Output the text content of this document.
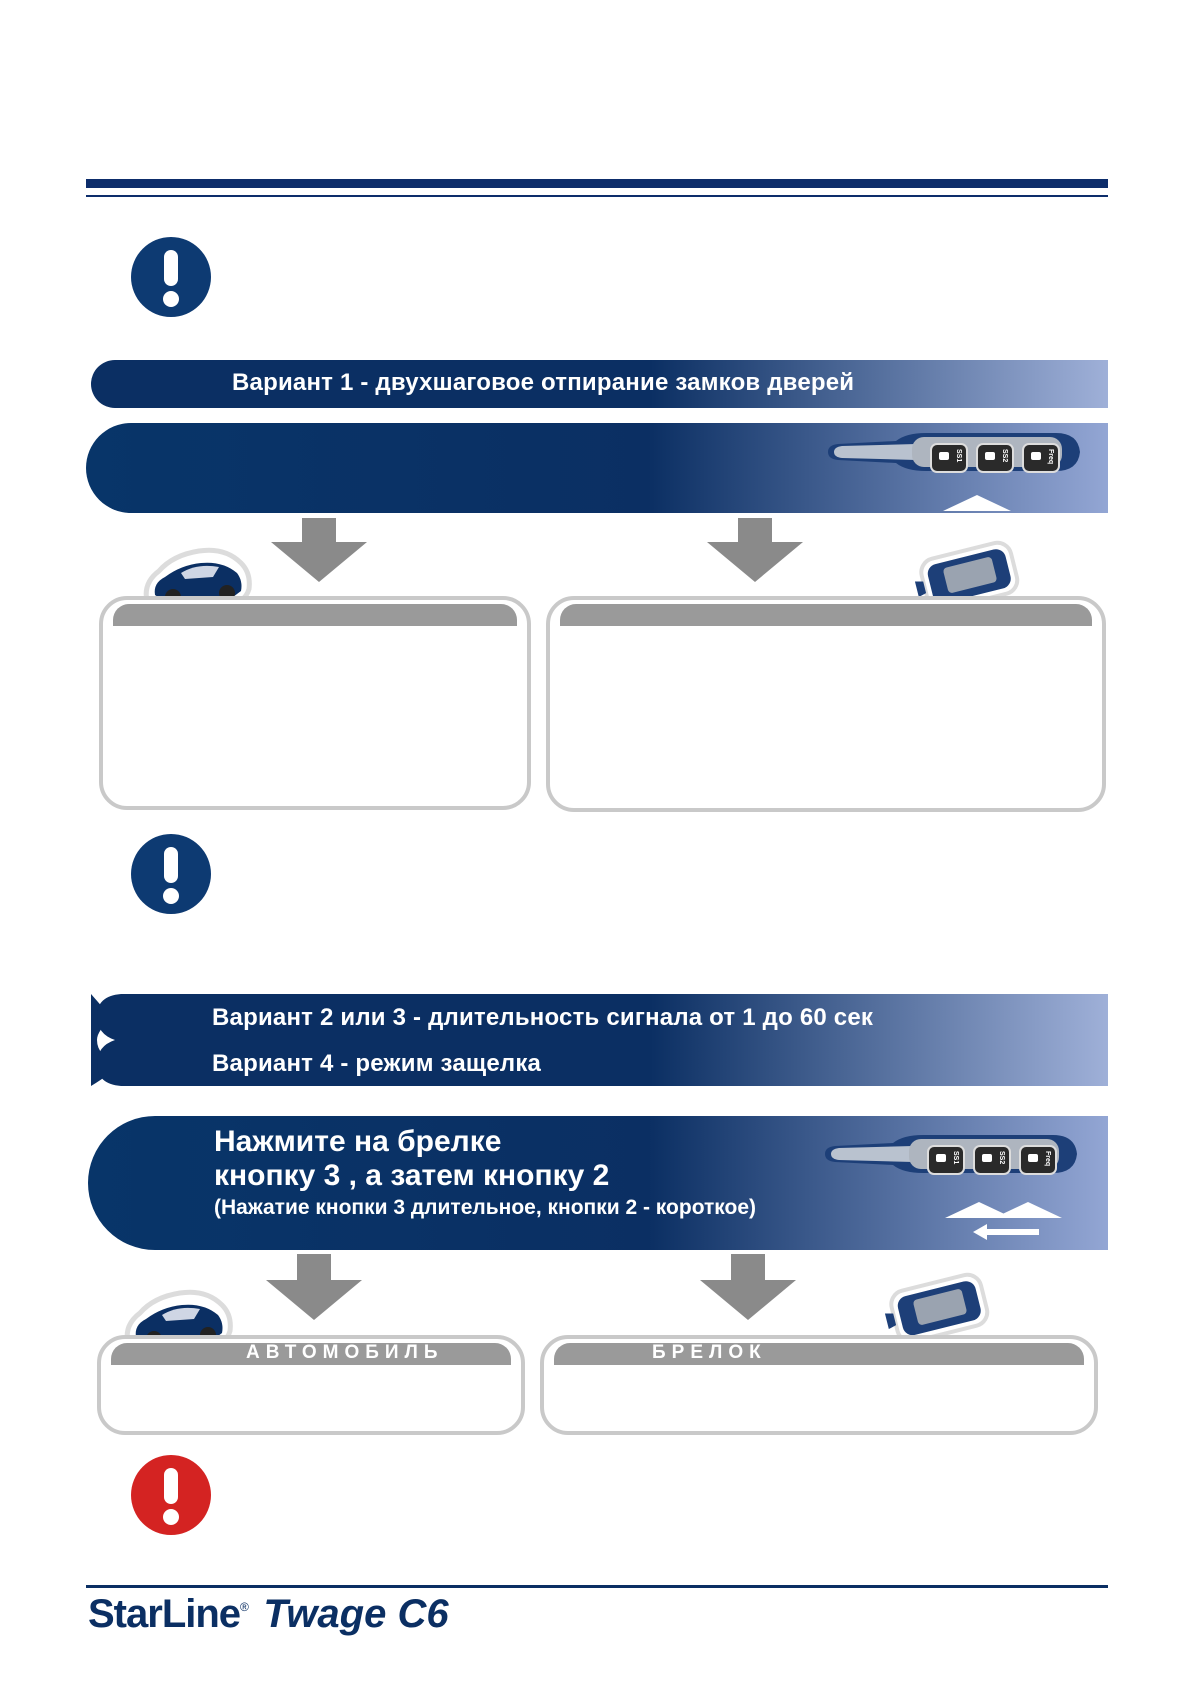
Вариант 1 - двухшаговое отпирание замков дверей
SS1	SS2	Freq
Вариант 2 или 3 - длительность сигнала от 1 до 60 сек
Вариант 4 - режим защелка
Нажмите на брелке
кнопку 3 , а затем кнопку 2
(Нажатие кнопки 3 длительное, кнопки 2 - короткое)
SS1	SS2	Freq
АВТОМОБИЛЬ	БРЕЛОК
StarLine® Twage C6
